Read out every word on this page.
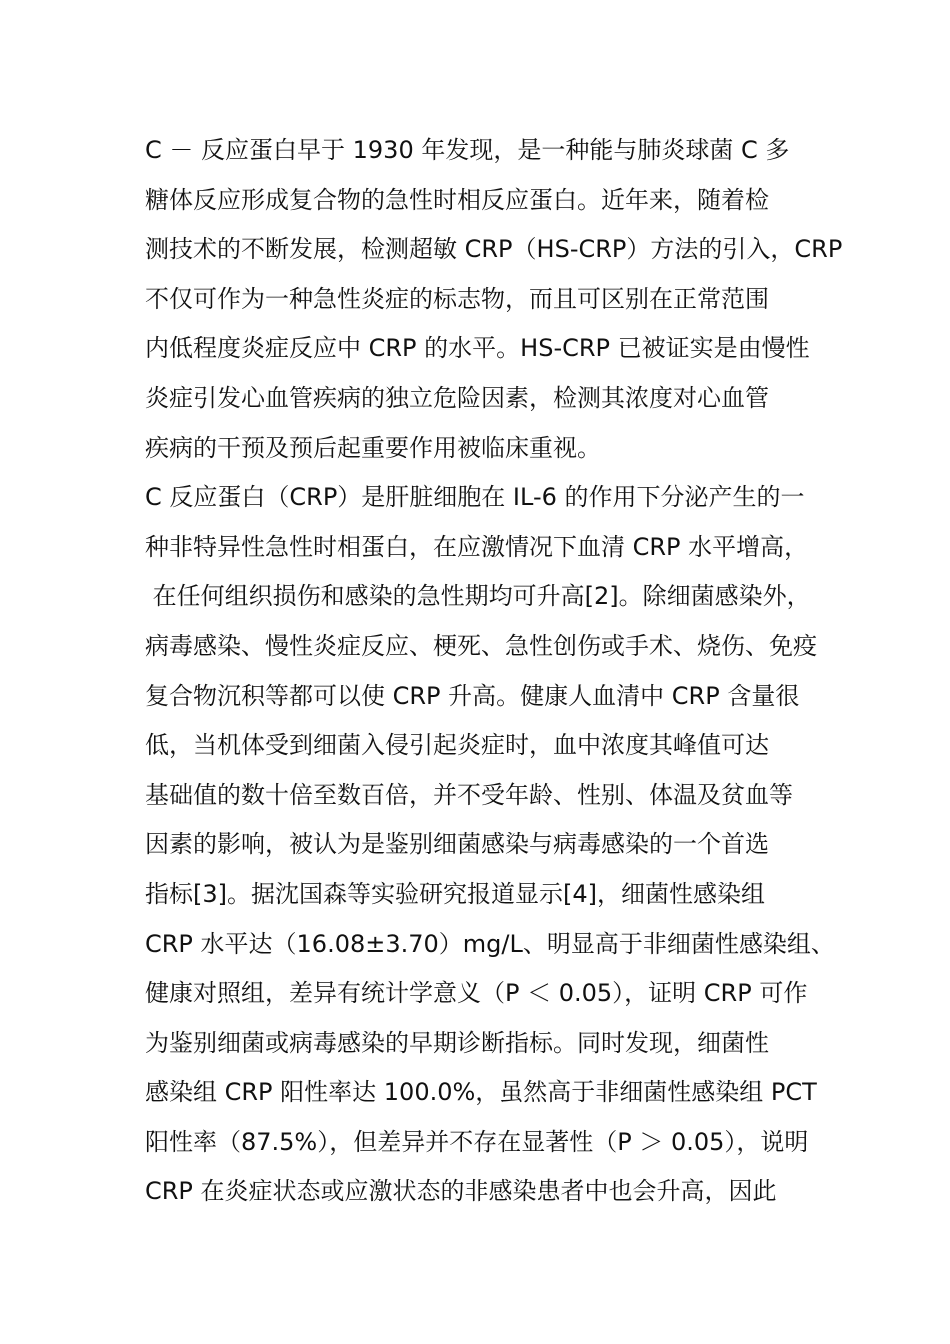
C － 反应蛋白早于 1930 年发现，是一种能与肺炎球菌 C 多
糖体反应形成复合物的急性时相反应蛋白。近年来，随着检
测技术的不断发展，检测超敏 CRP（HS-CRP）方法的引入，CRP
不仅可作为一种急性炎症的标志物，而且可区别在正常范围
内低程度炎症反应中 CRP 的水平。HS-CRP 已被证实是由慢性
炎症引发心血管疾病的独立危险因素，检测其浓度对心血管
疾病的干预及预后起重要作用被临床重视。
C 反应蛋白（CRP）是肝脏细胞在 IL-6 的作用下分泌产生的一
种非特异性急性时相蛋白，在应激情况下血清 CRP 水平增高，
在任何组织损伤和感染的急性期均可升高[2]。除细菌感染外，
病毒感染、慢性炎症反应、梗死、急性创伤或手术、烧伤、免疫
复合物沉积等都可以使 CRP 升高。健康人血清中 CRP 含量很
低，当机体受到细菌入侵引起炎症时，血中浓度其峰值可达
基础值的数十倍至数百倍，并不受年龄、性别、体温及贫血等
因素的影响，被认为是鉴别细菌感染与病毒感染的一个首选
指标[3]。据沈国森等实验研究报道显示[4]，细菌性感染组
CRP 水平达（16.08±3.70）mg/L、明显高于非细菌性感染组、
健康对照组，差异有统计学意义（P ＜ 0.05），证明 CRP 可作
为鉴别细菌或病毒感染的早期诊断指标。同时发现，细菌性
感染组 CRP 阳性率达 100.0%，虽然高于非细菌性感染组 PCT
阳性率（87.5%），但差异并不存在显著性（P ＞ 0.05），说明
CRP 在炎症状态或应激状态的非感染患者中也会升高，因此
